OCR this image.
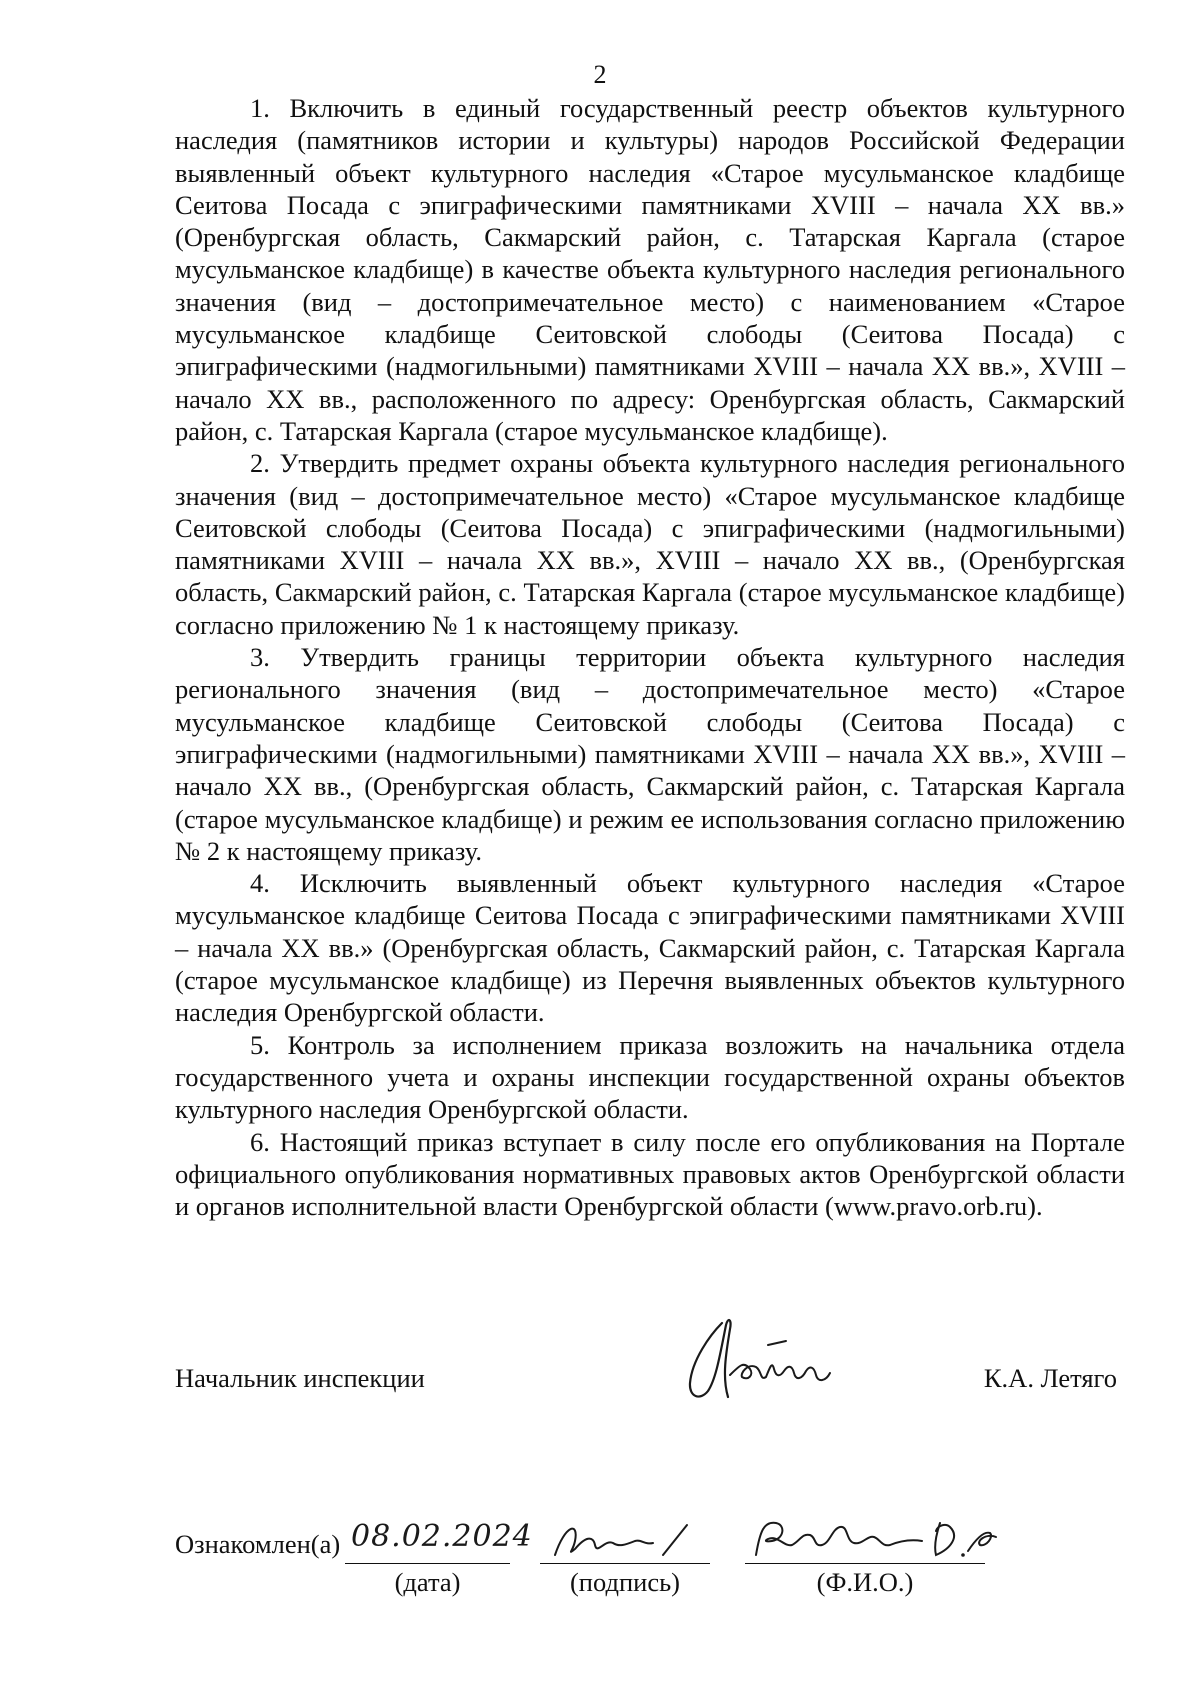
2

1. Включить в единый государственный реестр объектов культурного наследия (памятников истории и культуры) народов Российской Федерации выявленный объект культурного наследия «Старое мусульманское кладбище Сеитова Посада с эпиграфическими памятниками XVIII – начала XX вв.» (Оренбургская область, Сакмарский район, с. Татарская Каргала (старое мусульманское кладбище) в качестве объекта культурного наследия регионального значения (вид – достопримечательное место) с наименованием «Старое мусульманское кладбище Сеитовской слободы (Сеитова Посада) с эпиграфическими (надмогильными) памятниками XVIII – начала XX вв.», XVIII – начало XX вв., расположенного по адресу: Оренбургская область, Сакмарский район, с. Татарская Каргала (старое мусульманское кладбище).

2. Утвердить предмет охраны объекта культурного наследия регионального значения (вид – достопримечательное место) «Старое мусульманское кладбище Сеитовской слободы (Сеитова Посада) с эпиграфическими (надмогильными) памятниками XVIII – начала XX вв.», XVIII – начало XX вв., (Оренбургская область, Сакмарский район, с. Татарская Каргала (старое мусульманское кладбище) согласно приложению № 1 к настоящему приказу.

3. Утвердить границы территории объекта культурного наследия регионального значения (вид – достопримечательное место) «Старое мусульманское кладбище Сеитовской слободы (Сеитова Посада) с эпиграфическими (надмогильными) памятниками XVIII – начала XX вв.», XVIII – начало XX вв., (Оренбургская область, Сакмарский район, с. Татарская Каргала (старое мусульманское кладбище) и режим ее использования согласно приложению № 2 к настоящему приказу.

4. Исключить выявленный объект культурного наследия «Старое мусульманское кладбище Сеитова Посада с эпиграфическими памятниками XVIII – начала XX вв.» (Оренбургская область, Сакмарский район, с. Татарская Каргала (старое мусульманское кладбище) из Перечня выявленных объектов культурного наследия Оренбургской области.

5. Контроль за исполнением приказа возложить на начальника отдела государственного учета и охраны инспекции государственной охраны объектов культурного наследия Оренбургской области.

6. Настоящий приказ вступает в силу после его опубликования на Портале официального опубликования нормативных правовых актов Оренбургской области и органов исполнительной власти Оренбургской области (www.pravo.orb.ru).

Начальник инспекции	К.А. Летяго
Ознакомлен(а) 08.02.2024
(дата)	(подпись)	(Ф.И.О.)
